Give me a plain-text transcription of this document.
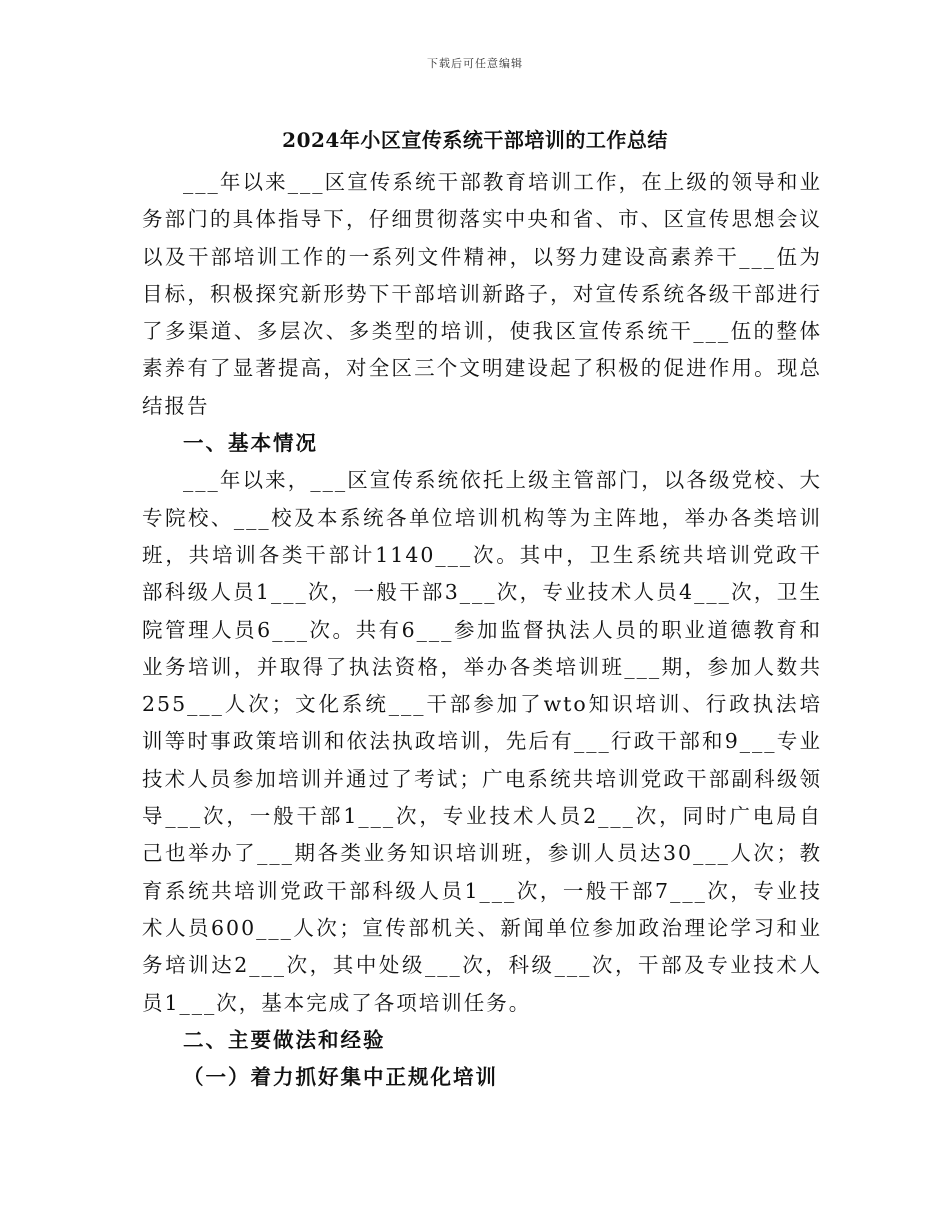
下载后可任意编辑
2024年小区宣传系统干部培训的工作总结

___年以来___区宣传系统干部教育培训工作，在上级的领导和业务部门的具体指导下，仔细贯彻落实中央和省、市、区宣传思想会议以及干部培训工作的一系列文件精神，以努力建设高素养干___伍为目标，积极探究新形势下干部培训新路子，对宣传系统各级干部进行了多渠道、多层次、多类型的培训，使我区宣传系统干___伍的整体素养有了显著提高，对全区三个文明建设起了积极的促进作用。现总结报告

一、基本情况

___年以来，___区宣传系统依托上级主管部门，以各级党校、大专院校、___校及本系统各单位培训机构等为主阵地，举办各类培训班，共培训各类干部计1140___次。其中，卫生系统共培训党政干部科级人员1___次，一般干部3___次，专业技术人员4___次，卫生院管理人员6___次。共有6___参加监督执法人员的职业道德教育和业务培训，并取得了执法资格，举办各类培训班___期，参加人数共255___人次；文化系统___干部参加了wto知识培训、行政执法培训等时事政策培训和依法执政培训，先后有___行政干部和9___专业技术人员参加培训并通过了考试；广电系统共培训党政干部副科级领导___次，一般干部1___次，专业技术人员2___次，同时广电局自己也举办了___期各类业务知识培训班，参训人员达30___人次；教育系统共培训党政干部科级人员1___次，一般干部7___次，专业技术人员600___人次；宣传部机关、新闻单位参加政治理论学习和业务培训达2___次，其中处级___次，科级___次，干部及专业技术人员1___次，基本完成了各项培训任务。

二、主要做法和经验

（一）着力抓好集中正规化培训
